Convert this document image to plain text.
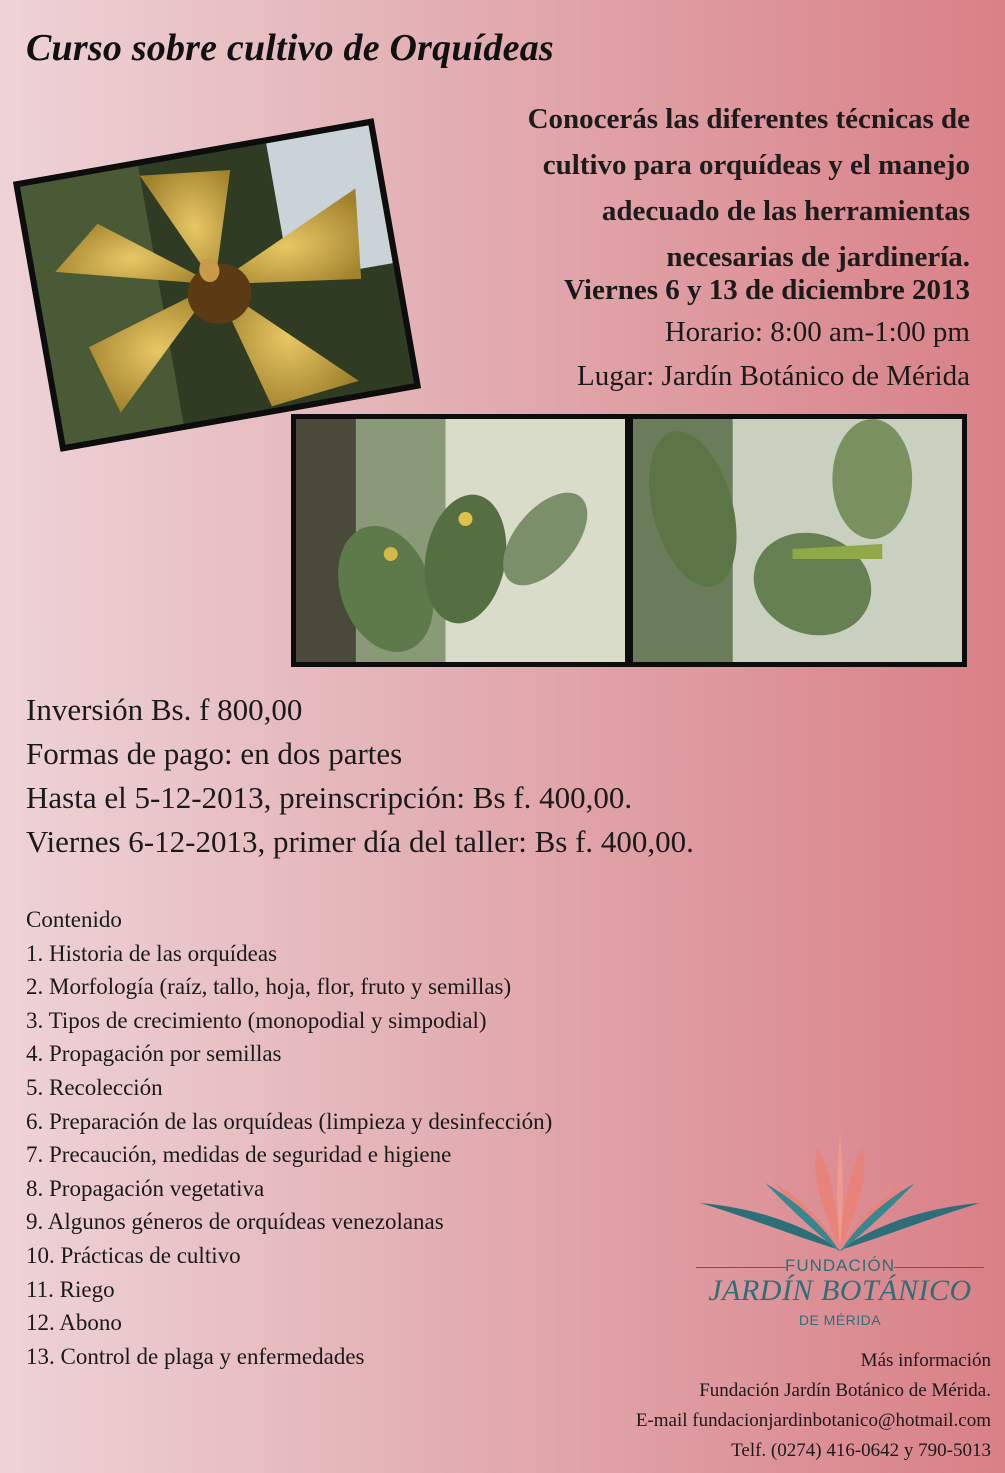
Curso sobre cultivo de Orquídeas
Conocerás las diferentes técnicas de
cultivo para orquídeas y el manejo
adecuado de las herramientas
necesarias de jardinería.
Viernes 6 y 13 de diciembre 2013
Horario: 8:00 am-1:00 pm
Lugar: Jardín Botánico de Mérida
Inversión Bs. f 800,00
Formas de pago: en dos partes
Hasta el 5-12-2013, preinscripción: Bs f. 400,00.
Viernes 6-12-2013, primer día del taller: Bs f. 400,00.
Contenido
1. Historia de las orquídeas
2. Morfología (raíz, tallo, hoja, flor, fruto y semillas)
3. Tipos de crecimiento (monopodial y simpodial)
4. Propagación por semillas
5. Recolección
6. Preparación de las orquídeas (limpieza y desinfección)
7. Precaución, medidas de seguridad e higiene
8. Propagación vegetativa
9. Algunos géneros de orquídeas venezolanas
10. Prácticas de cultivo
11. Riego
12. Abono
13. Control de plaga y enfermedades
FUNDACIÓN
JARDÍN BOTÁNICO
DE MÉRIDA
Más información
Fundación Jardín Botánico de Mérida.
E-mail fundacionjardinbotanico@hotmail.com
Telf. (0274) 416-0642 y 790-5013
